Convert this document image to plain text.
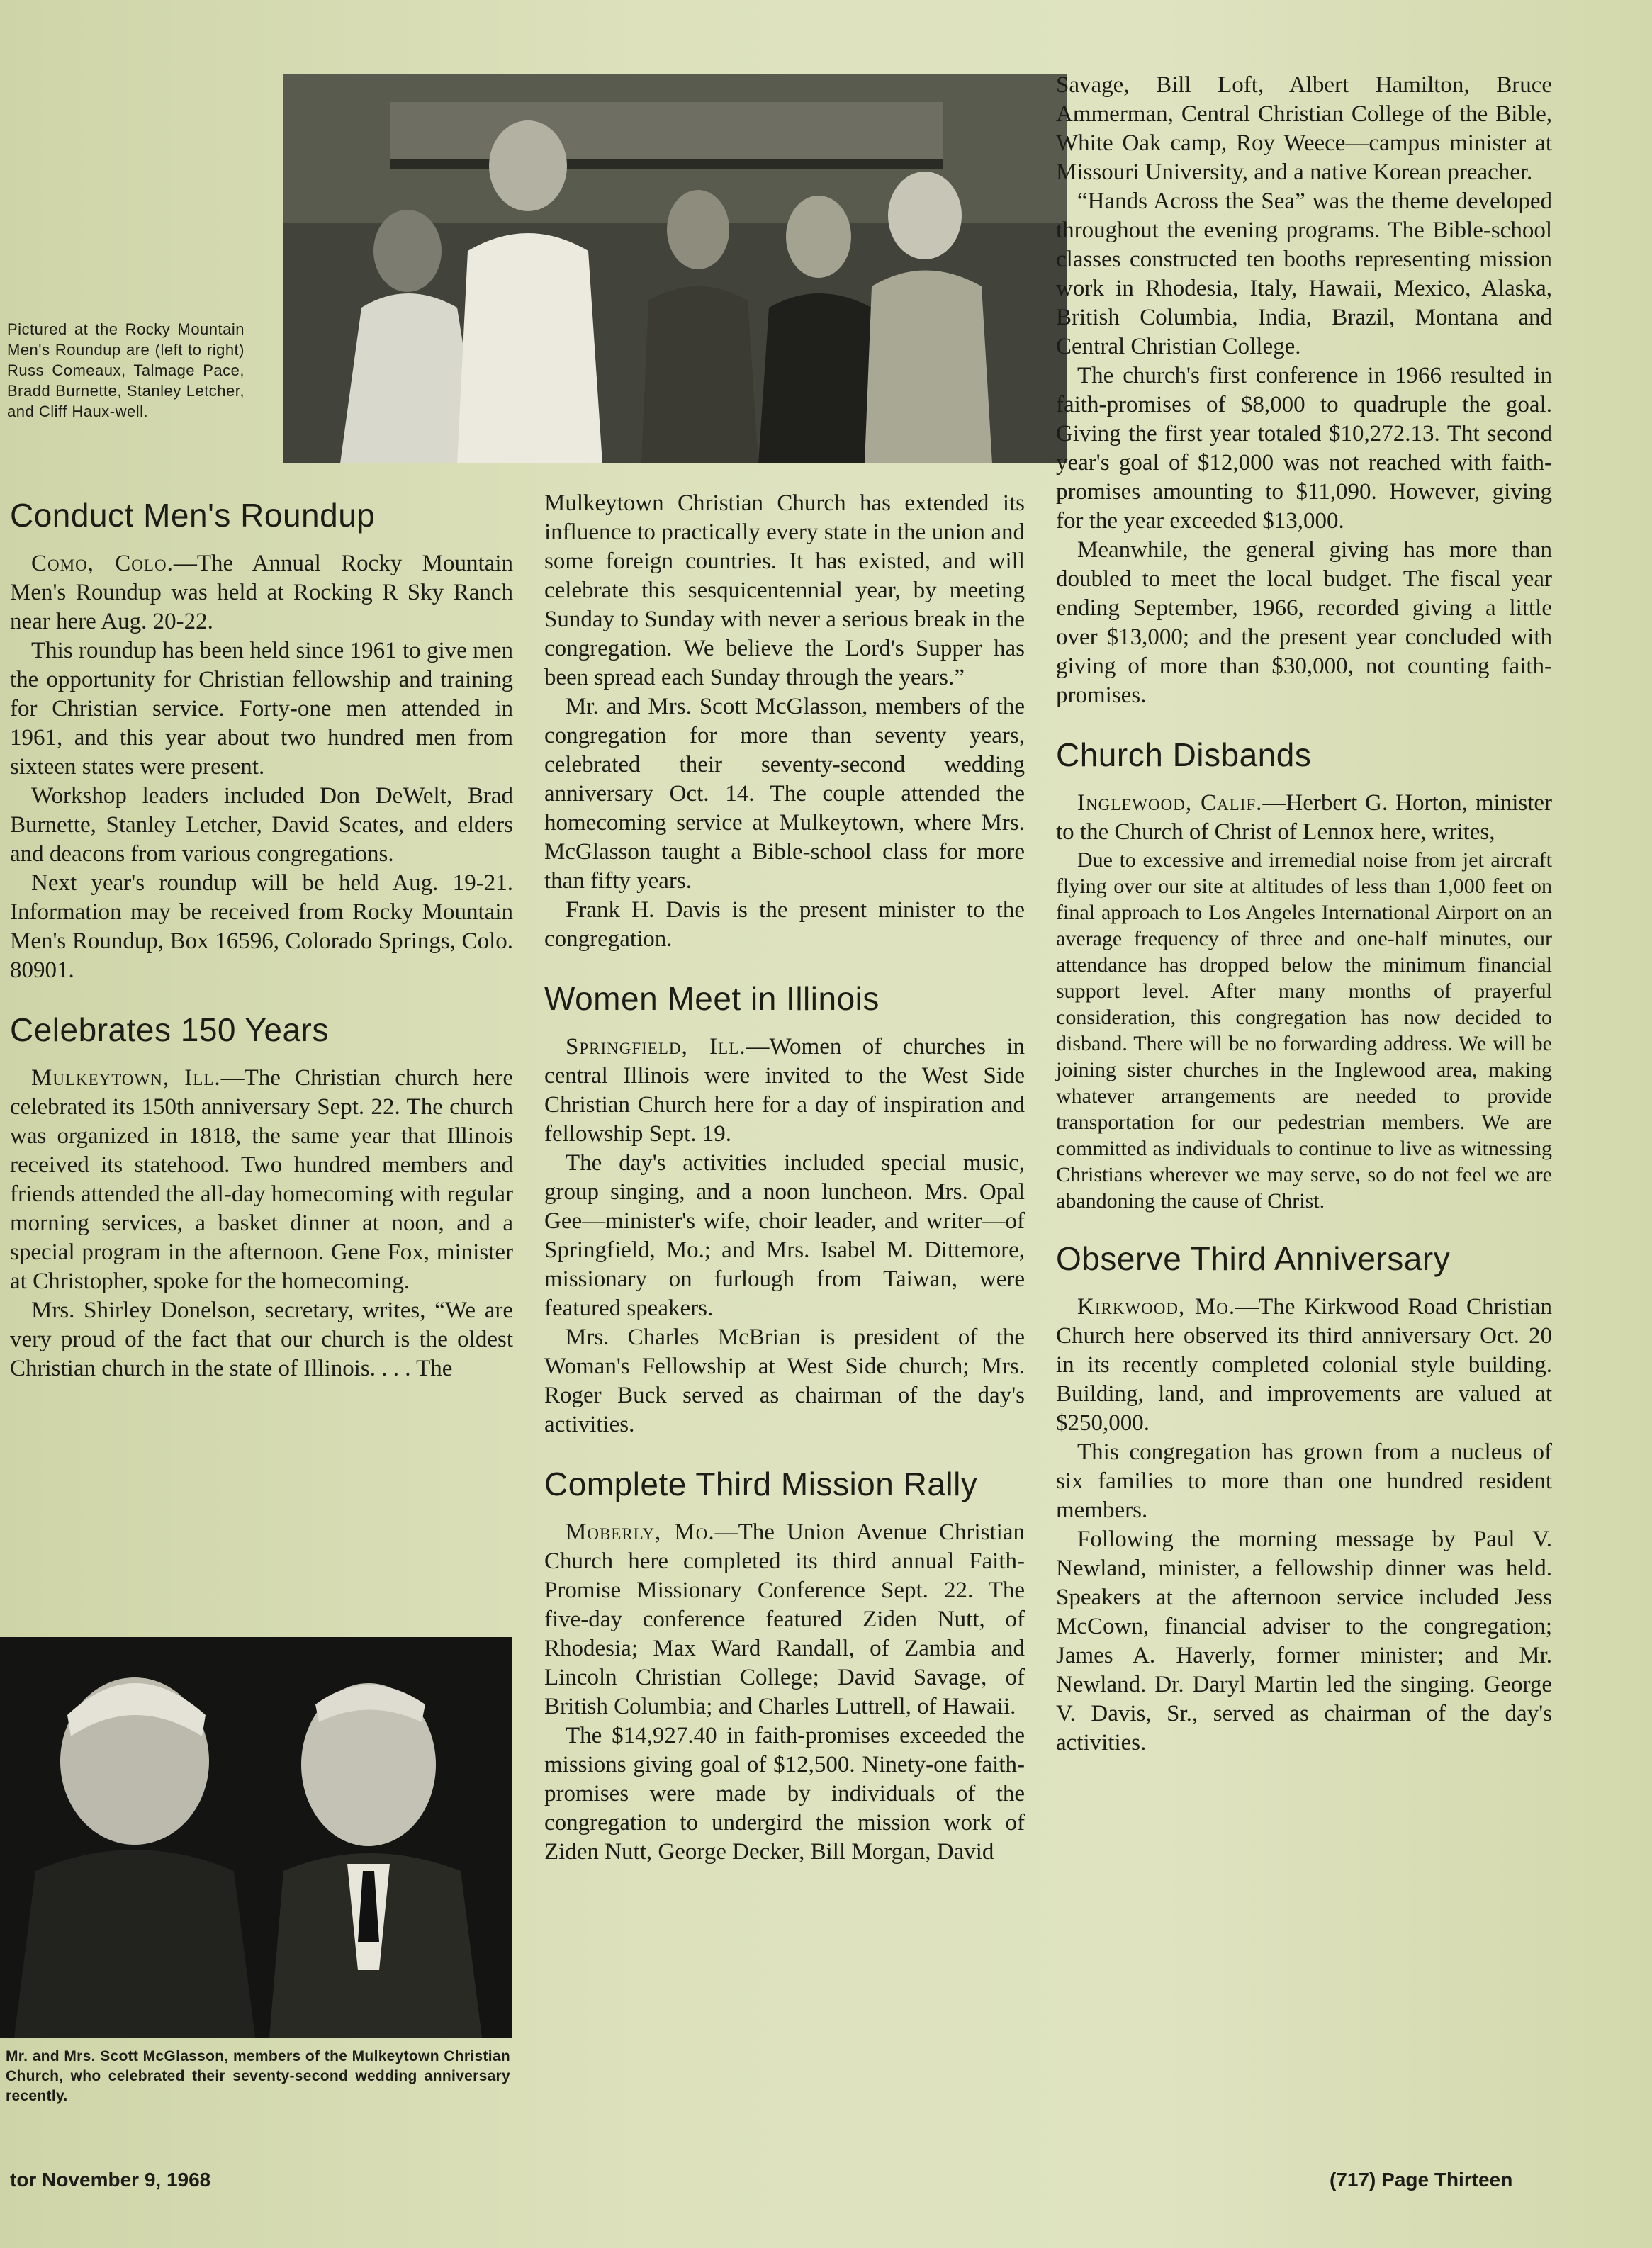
Pictured at the Rocky Mountain Men's Roundup are (left to right) Russ Comeaux, Talmage Pace, Bradd Burnette, Stanley Letcher, and Cliff Haux-well.
Conduct Men's Roundup

Como, Colo.—The Annual Rocky Mountain Men's Roundup was held at Rocking R Sky Ranch near here Aug. 20-22.

This roundup has been held since 1961 to give men the opportunity for Christian fellowship and training for Christian service. Forty-one men attended in 1961, and this year about two hundred men from sixteen states were present.

Workshop leaders included Don DeWelt, Brad Burnette, Stanley Letcher, David Scates, and elders and deacons from various congregations.

Next year's roundup will be held Aug. 19-21. Information may be received from Rocky Mountain Men's Roundup, Box 16596, Colorado Springs, Colo. 80901.

Celebrates 150 Years

Mulkeytown, Ill.—The Christian church here celebrated its 150th anniversary Sept. 22. The church was organized in 1818, the same year that Illinois received its statehood. Two hundred members and friends attended the all-day homecoming with regular morning services, a basket dinner at noon, and a special program in the afternoon. Gene Fox, minister at Christopher, spoke for the homecoming.

Mrs. Shirley Donelson, secretary, writes, “We are very proud of the fact that our church is the oldest Christian church in the state of Illinois. . . . The

Mr. and Mrs. Scott McGlasson, members of the Mulkeytown Christian Church, who celebrated their seventy-second wedding anniversary recently.

Mulkeytown Christian Church has extended its influence to practically every state in the union and some foreign countries. It has existed, and will celebrate this sesquicentennial year, by meeting Sunday to Sunday with never a serious break in the congregation. We believe the Lord's Supper has been spread each Sunday through the years.”

Mr. and Mrs. Scott McGlasson, members of the congregation for more than seventy years, celebrated their seventy-second wedding anniversary Oct. 14. The couple attended the homecoming service at Mulkeytown, where Mrs. McGlasson taught a Bible-school class for more than fifty years.

Frank H. Davis is the present minister to the congregation.

Women Meet in Illinois

Springfield, Ill.—Women of churches in central Illinois were invited to the West Side Christian Church here for a day of inspiration and fellowship Sept. 19.

The day's activities included special music, group singing, and a noon luncheon. Mrs. Opal Gee—minister's wife, choir leader, and writer—of Springfield, Mo.; and Mrs. Isabel M. Dittemore, missionary on furlough from Taiwan, were featured speakers.

Mrs. Charles McBrian is president of the Woman's Fellowship at West Side church; Mrs. Roger Buck served as chairman of the day's activities.

Complete Third Mission Rally

Moberly, Mo.—The Union Avenue Christian Church here completed its third annual Faith-Promise Missionary Conference Sept. 22. The five-day conference featured Ziden Nutt, of Rhodesia; Max Ward Randall, of Zambia and Lincoln Christian College; David Savage, of British Columbia; and Charles Luttrell, of Hawaii.

The $14,927.40 in faith-promises exceeded the missions giving goal of $12,500. Ninety-one faith-promises were made by individuals of the congregation to undergird the mission work of Ziden Nutt, George Decker, Bill Morgan, David

Savage, Bill Loft, Albert Hamilton, Bruce Ammerman, Central Christian College of the Bible, White Oak camp, Roy Weece—campus minister at Missouri University, and a native Korean preacher.

“Hands Across the Sea” was the theme developed throughout the evening programs. The Bible-school classes constructed ten booths representing mission work in Rhodesia, Italy, Hawaii, Mexico, Alaska, British Columbia, India, Brazil, Montana and Central Christian College.

The church's first conference in 1966 resulted in faith-promises of $8,000 to quadruple the goal. Giving the first year totaled $10,272.13. Tht second year's goal of $12,000 was not reached with faith-promises amounting to $11,090. However, giving for the year exceeded $13,000.

Meanwhile, the general giving has more than doubled to meet the local budget. The fiscal year ending September, 1966, recorded giving a little over $13,000; and the present year concluded with giving of more than $30,000, not counting faith-promises.

Church Disbands

Inglewood, Calif.—Herbert G. Horton, minister to the Church of Christ of Lennox here, writes,

Due to excessive and irremedial noise from jet aircraft flying over our site at altitudes of less than 1,000 feet on final approach to Los Angeles International Airport on an average frequency of three and one-half minutes, our attendance has dropped below the minimum financial support level. After many months of prayerful consideration, this congregation has now decided to disband. There will be no forwarding address. We will be joining sister churches in the Inglewood area, making whatever arrangements are needed to provide transportation for our pedestrian members. We are committed as individuals to continue to live as witnessing Christians wherever we may serve, so do not feel we are abandoning the cause of Christ.

Observe Third Anniversary

Kirkwood, Mo.—The Kirkwood Road Christian Church here observed its third anniversary Oct. 20 in its recently completed colonial style building. Building, land, and improvements are valued at $250,000.

This congregation has grown from a nucleus of six families to more than one hundred resident members.

Following the morning message by Paul V. Newland, minister, a fellowship dinner was held. Speakers at the afternoon service included Jess McCown, financial adviser to the congregation; James A. Haverly, former minister; and Mr. Newland. Dr. Daryl Martin led the singing. George V. Davis, Sr., served as chairman of the day's activities.

tor November 9, 1968	(717) Page Thirteen
